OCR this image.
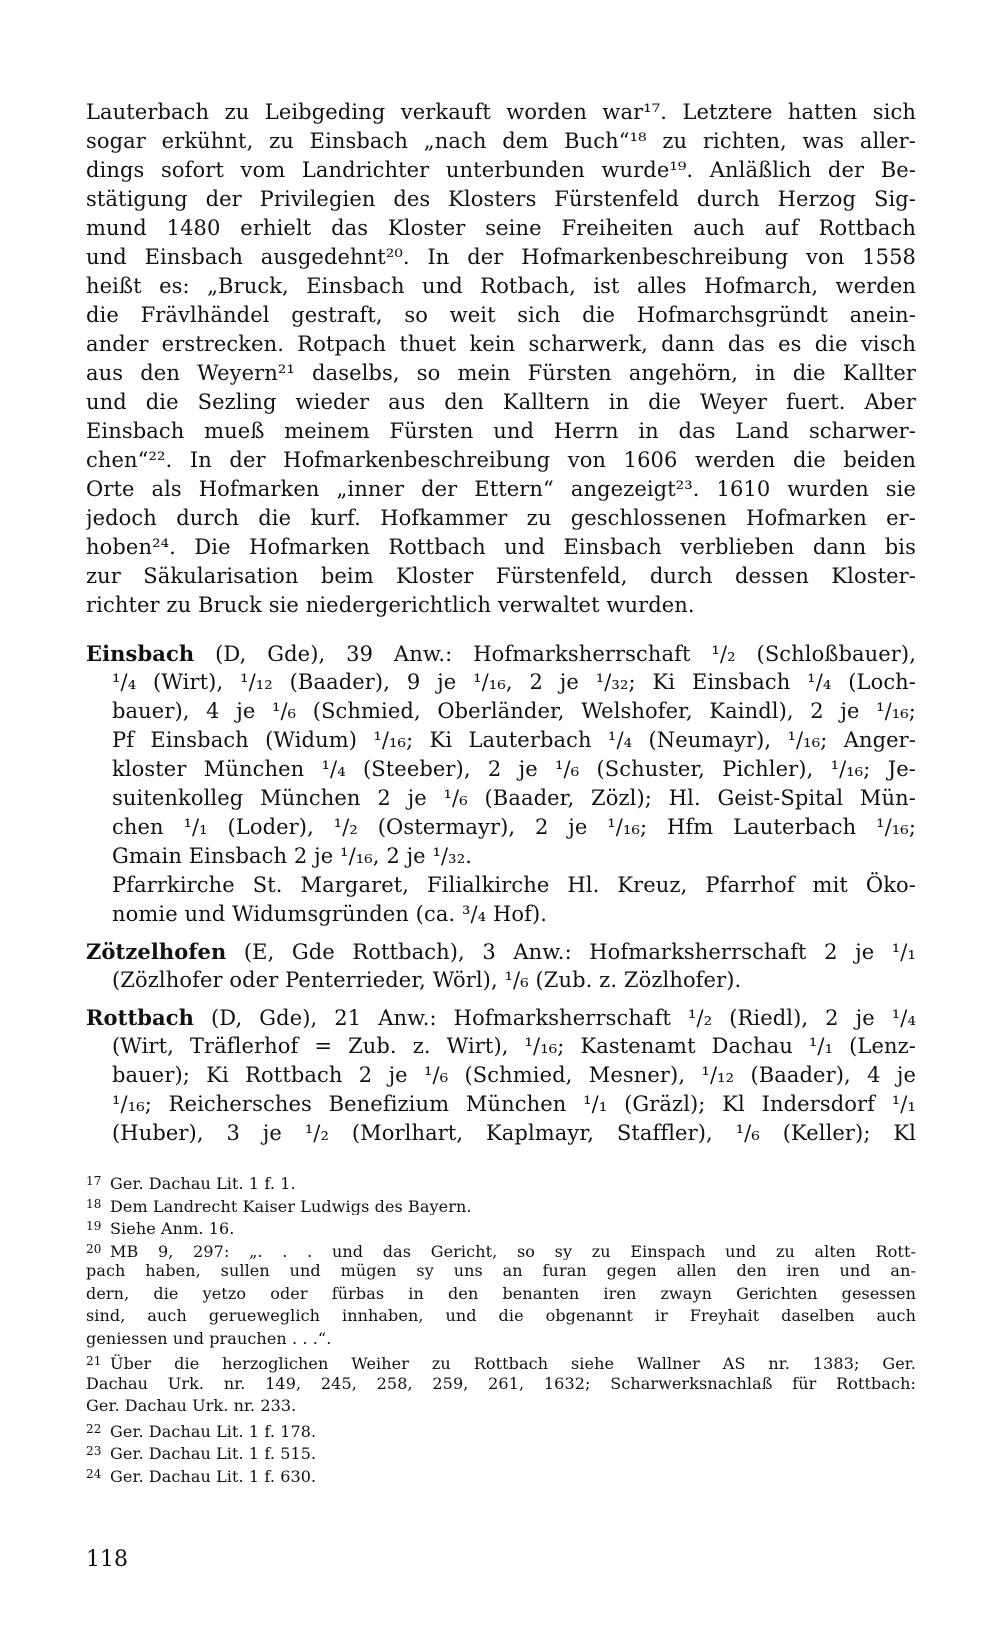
Lauterbach zu Leibgeding verkauft worden war¹⁷. Letztere hatten sich
sogar erkühnt, zu Einsbach „nach dem Buch“¹⁸ zu richten, was aller-
dings sofort vom Landrichter unterbunden wurde¹⁹. Anläßlich der Be-
stätigung der Privilegien des Klosters Fürstenfeld durch Herzog Sig-
mund 1480 erhielt das Kloster seine Freiheiten auch auf Rottbach
und Einsbach ausgedehnt²⁰. In der Hofmarkenbeschreibung von 1558
heißt es: „Bruck, Einsbach und Rotbach, ist alles Hofmarch, werden
die Frävlhändel gestraft, so weit sich die Hofmarchsgründt anein-
ander erstrecken. Rotpach thuet kein scharwerk, dann das es die visch
aus den Weyern²¹ daselbs, so mein Fürsten angehörn, in die Kallter
und die Sezling wieder aus den Kalltern in die Weyer fuert. Aber
Einsbach mueß meinem Fürsten und Herrn in das Land scharwer-
chen“²². In der Hofmarkenbeschreibung von 1606 werden die beiden
Orte als Hofmarken „inner der Ettern“ angezeigt²³. 1610 wurden sie
jedoch durch die kurf. Hofkammer zu geschlossenen Hofmarken er-
hoben²⁴. Die Hofmarken Rottbach und Einsbach verblieben dann bis
zur Säkularisation beim Kloster Fürstenfeld, durch dessen Kloster-
richter zu Bruck sie niedergerichtlich verwaltet wurden.
Einsbach (D, Gde), 39 Anw.: Hofmarksherrschaft ¹/₂ (Schloßbauer),
¹/₄ (Wirt), ¹/₁₂ (Baader), 9 je ¹/₁₆, 2 je ¹/₃₂; Ki Einsbach ¹/₄ (Loch-
bauer), 4 je ¹/₆ (Schmied, Oberländer, Welshofer, Kaindl), 2 je ¹/₁₆;
Pf Einsbach (Widum) ¹/₁₆; Ki Lauterbach ¹/₄ (Neumayr), ¹/₁₆; Anger-
kloster München ¹/₄ (Steeber), 2 je ¹/₆ (Schuster, Pichler), ¹/₁₆; Je-
suitenkolleg München 2 je ¹/₆ (Baader, Zözl); Hl. Geist-Spital Mün-
chen ¹/₁ (Loder), ¹/₂ (Ostermayr), 2 je ¹/₁₆; Hfm Lauterbach ¹/₁₆;
Gmain Einsbach 2 je ¹/₁₆, 2 je ¹/₃₂.
Pfarrkirche St. Margaret, Filialkirche Hl. Kreuz, Pfarrhof mit Öko-
nomie und Widumsgründen (ca. ³/₄ Hof).
Zötzelhofen (E, Gde Rottbach), 3 Anw.: Hofmarksherrschaft 2 je ¹/₁
(Zözlhofer oder Penterrieder, Wörl), ¹/₆ (Zub. z. Zözlhofer).
Rottbach (D, Gde), 21 Anw.: Hofmarksherrschaft ¹/₂ (Riedl), 2 je ¹/₄
(Wirt, Träflerhof = Zub. z. Wirt), ¹/₁₆; Kastenamt Dachau ¹/₁ (Lenz-
bauer); Ki Rottbach 2 je ¹/₆ (Schmied, Mesner), ¹/₁₂ (Baader), 4 je
¹/₁₆; Reichersches Benefizium München ¹/₁ (Gräzl); Kl Indersdorf ¹/₁
(Huber), 3 je ¹/₂ (Morlhart, Kaplmayr, Staffler), ¹/₆ (Keller); Kl
17 Ger. Dachau Lit. 1 f. 1.
18 Dem Landrecht Kaiser Ludwigs des Bayern.
19 Siehe Anm. 16.
20 MB 9, 297: „. . . und das Gericht, so sy zu Einspach und zu alten Rott-
pach haben, sullen und mügen sy uns an furan gegen allen den iren und an-
dern, die yetzo oder fürbas in den benanten iren zwayn Gerichten gesessen
sind, auch gerueweglich innhaben, und die obgenannt ir Freyhait daselben auch
geniessen und prauchen . . .“.
21 Über die herzoglichen Weiher zu Rottbach siehe Wallner AS nr. 1383; Ger.
Dachau Urk. nr. 149, 245, 258, 259, 261, 1632; Scharwerksnachlaß für Rottbach:
Ger. Dachau Urk. nr. 233.
22 Ger. Dachau Lit. 1 f. 178.
23 Ger. Dachau Lit. 1 f. 515.
24 Ger. Dachau Lit. 1 f. 630.
118
